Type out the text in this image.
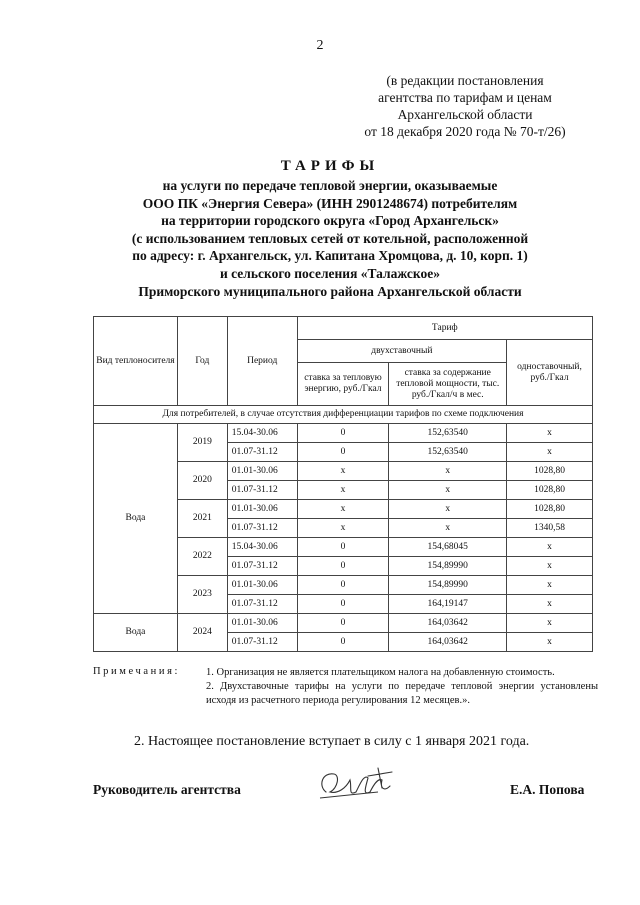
2
(в редакции постановления
агентства по тарифам и ценам
Архангельской области
от 18 декабря 2020 года № 70-т/26)
ТАРИФЫ
на услуги по передаче тепловой энергии, оказываемые
ООО ПК «Энергия Севера» (ИНН 2901248674) потребителям
на территории городского округа «Город Архангельск»
(с использованием тепловых сетей от котельной, расположенной
по адресу: г. Архангельск, ул. Капитана Хромцова, д. 10, корп. 1)
и сельского поселения «Талажское»
Приморского муниципального района Архангельской области
Вид теплоносителя	Год	Период	Тариф		
			двухставочный		одноставочный, руб./Гкал
			ставка за тепловую энергию, руб./Гкал	ставка за содержание тепловой мощности, тыс. руб./Гкал/ч в мес.	
Для потребителей, в случае отсутствия дифференциации тарифов по схеме подключения					
Вода	2019	15.04-30.06	0	152,63540	x
		01.07-31.12	0	152,63540	x
	2020	01.01-30.06	x	x	1028,80
		01.07-31.12	x	x	1028,80
	2021	01.01-30.06	x	x	1028,80
		01.07-31.12	x	x	1340,58
	2022	15.04-30.06	0	154,68045	x
		01.07-31.12	0	154,89990	x
	2023	01.01-30.06	0	154,89990	x
		01.07-31.12	0	164,19147	x
Вода	2024	01.01-30.06	0	164,03642	x
		01.07-31.12	0	164,03642	x
Примечания: 1. Организация не является плательщиком налога на добавленную стоимость.
2. Двухставочные тарифы на услуги по передаче тепловой энергии установлены исходя из расчетного периода регулирования 12 месяцев.».
2. Настоящее постановление вступает в силу с 1 января 2021 года.
Руководитель агентства	Е.А. Попова
